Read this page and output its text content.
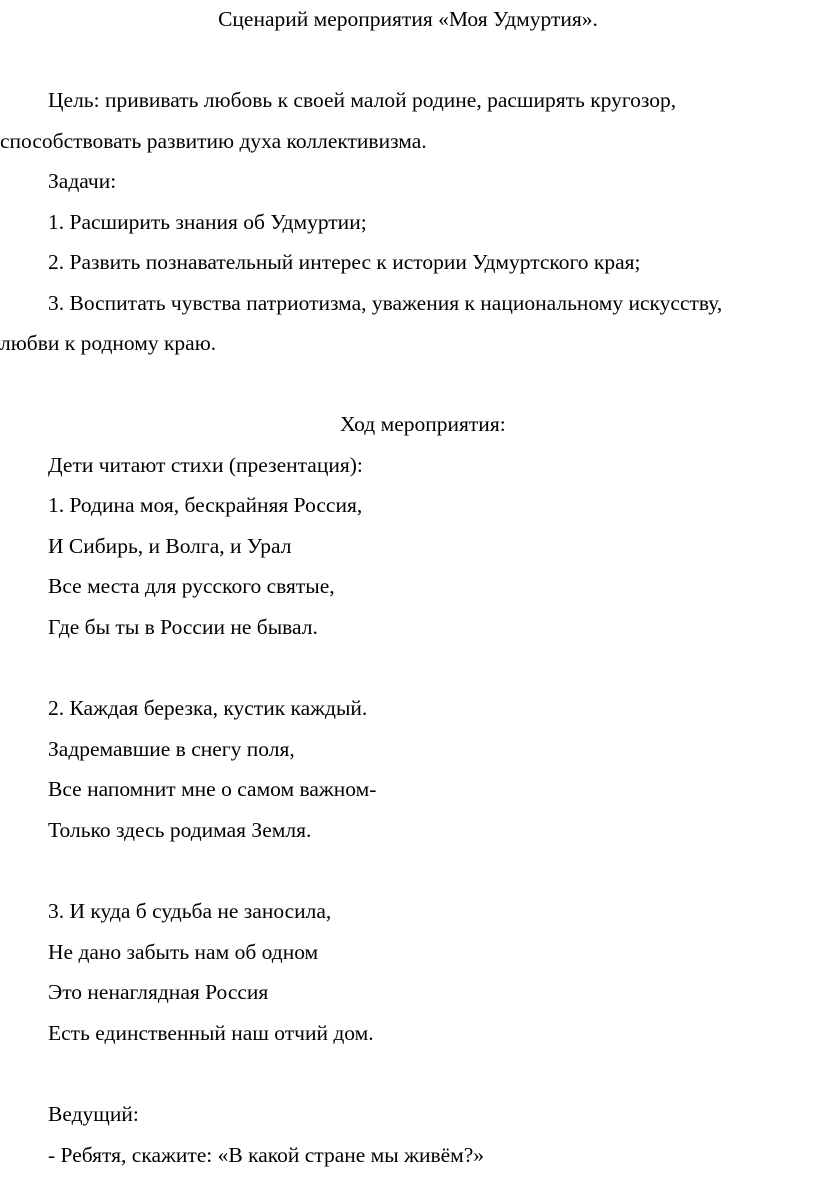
Сценарий мероприятия «Моя Удмуртия».
Цель: прививать любовь к своей малой родине, расширять кругозор,
способствовать развитию духа коллективизма.
Задачи:
1. Расширить знания об Удмуртии;
2. Развить познавательный интерес к истории Удмуртского края;
3. Воспитать чувства патриотизма, уважения к национальному искусству,
любви к родному краю.
Ход мероприятия:
Дети читают стихи (презентация):
1. Родина моя, бескрайняя Россия,
И Сибирь, и Волга, и Урал
Все места для русского святые,
Где бы ты в России не бывал.
2. Каждая березка, кустик каждый.
Задремавшие в снегу поля,
Все напомнит мне о самом важном-
Только здесь родимая Земля.
3. И куда б судьба не заносила,
Не дано забыть нам об одном
Это ненаглядная Россия
Есть единственный наш отчий дом.
Ведущий:
- Ребятя, скажите: «В какой стране мы живём?»
